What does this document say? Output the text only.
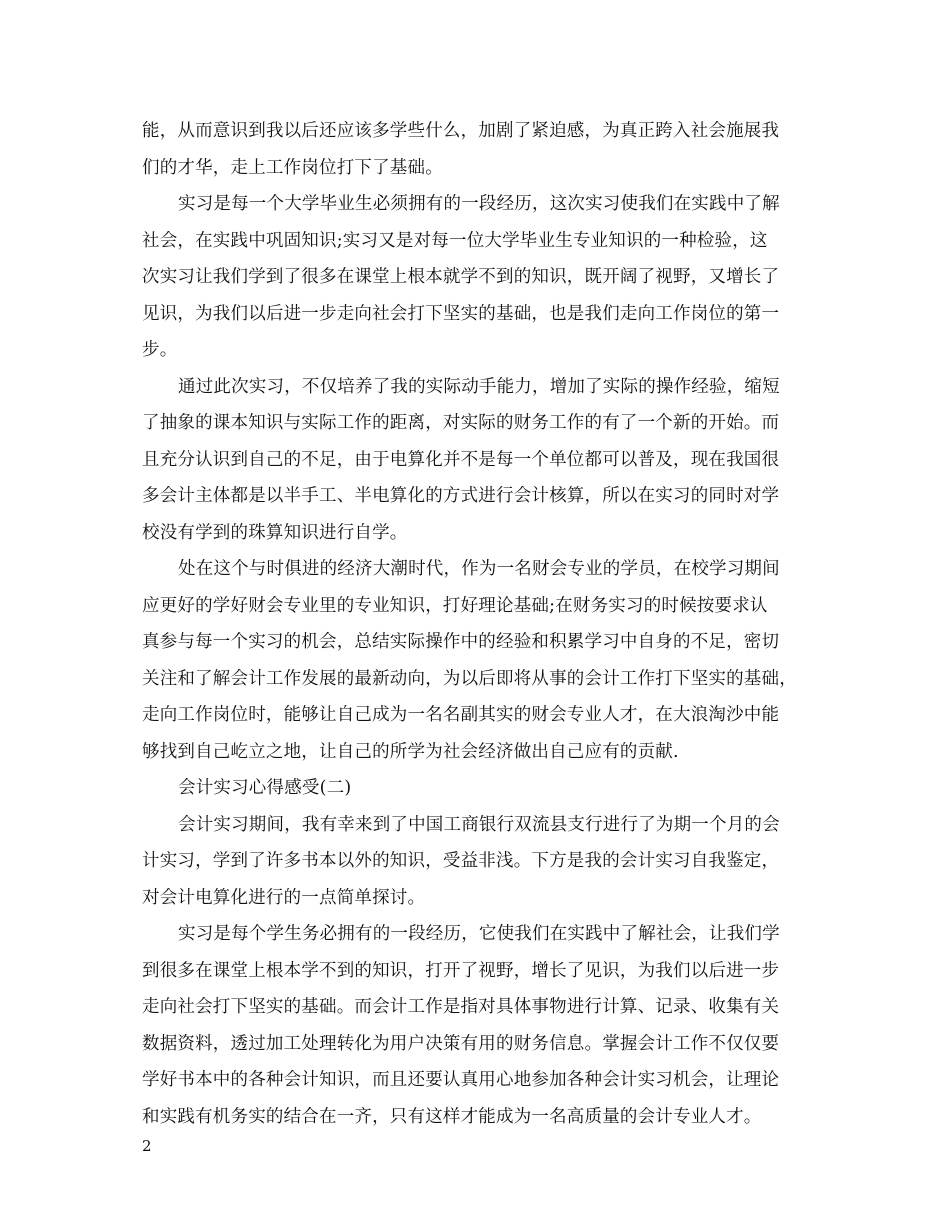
能，从而意识到我以后还应该多学些什么，加剧了紧迫感，为真正跨入社会施展我
们的才华，走上工作岗位打下了基础。
实习是每一个大学毕业生必须拥有的一段经历，这次实习使我们在实践中了解
社会，在实践中巩固知识;实习又是对每一位大学毕业生专业知识的一种检验，这
次实习让我们学到了很多在课堂上根本就学不到的知识，既开阔了视野，又增长了
见识，为我们以后进一步走向社会打下坚实的基础，也是我们走向工作岗位的第一
步。
通过此次实习，不仅培养了我的实际动手能力，增加了实际的操作经验，缩短
了抽象的课本知识与实际工作的距离，对实际的财务工作的有了一个新的开始。而
且充分认识到自己的不足，由于电算化并不是每一个单位都可以普及，现在我国很
多会计主体都是以半手工、半电算化的方式进行会计核算，所以在实习的同时对学
校没有学到的珠算知识进行自学。
处在这个与时俱进的经济大潮时代，作为一名财会专业的学员，在校学习期间
应更好的学好财会专业里的专业知识，打好理论基础;在财务实习的时候按要求认
真参与每一个实习的机会，总结实际操作中的经验和积累学习中自身的不足，密切
关注和了解会计工作发展的最新动向，为以后即将从事的会计工作打下坚实的基础，
走向工作岗位时，能够让自己成为一名名副其实的财会专业人才，在大浪淘沙中能
够找到自己屹立之地，让自己的所学为社会经济做出自己应有的贡献.
会计实习心得感受(二)
会计实习期间，我有幸来到了中国工商银行双流县支行进行了为期一个月的会
计实习，学到了许多书本以外的知识，受益非浅。下方是我的会计实习自我鉴定，
对会计电算化进行的一点简单探讨。
实习是每个学生务必拥有的一段经历，它使我们在实践中了解社会，让我们学
到很多在课堂上根本学不到的知识，打开了视野，增长了见识，为我们以后进一步
走向社会打下坚实的基础。而会计工作是指对具体事物进行计算、记录、收集有关
数据资料，透过加工处理转化为用户决策有用的财务信息。掌握会计工作不仅仅要
学好书本中的各种会计知识，而且还要认真用心地参加各种会计实习机会，让理论
和实践有机务实的结合在一齐，只有这样才能成为一名高质量的会计专业人才。
2
